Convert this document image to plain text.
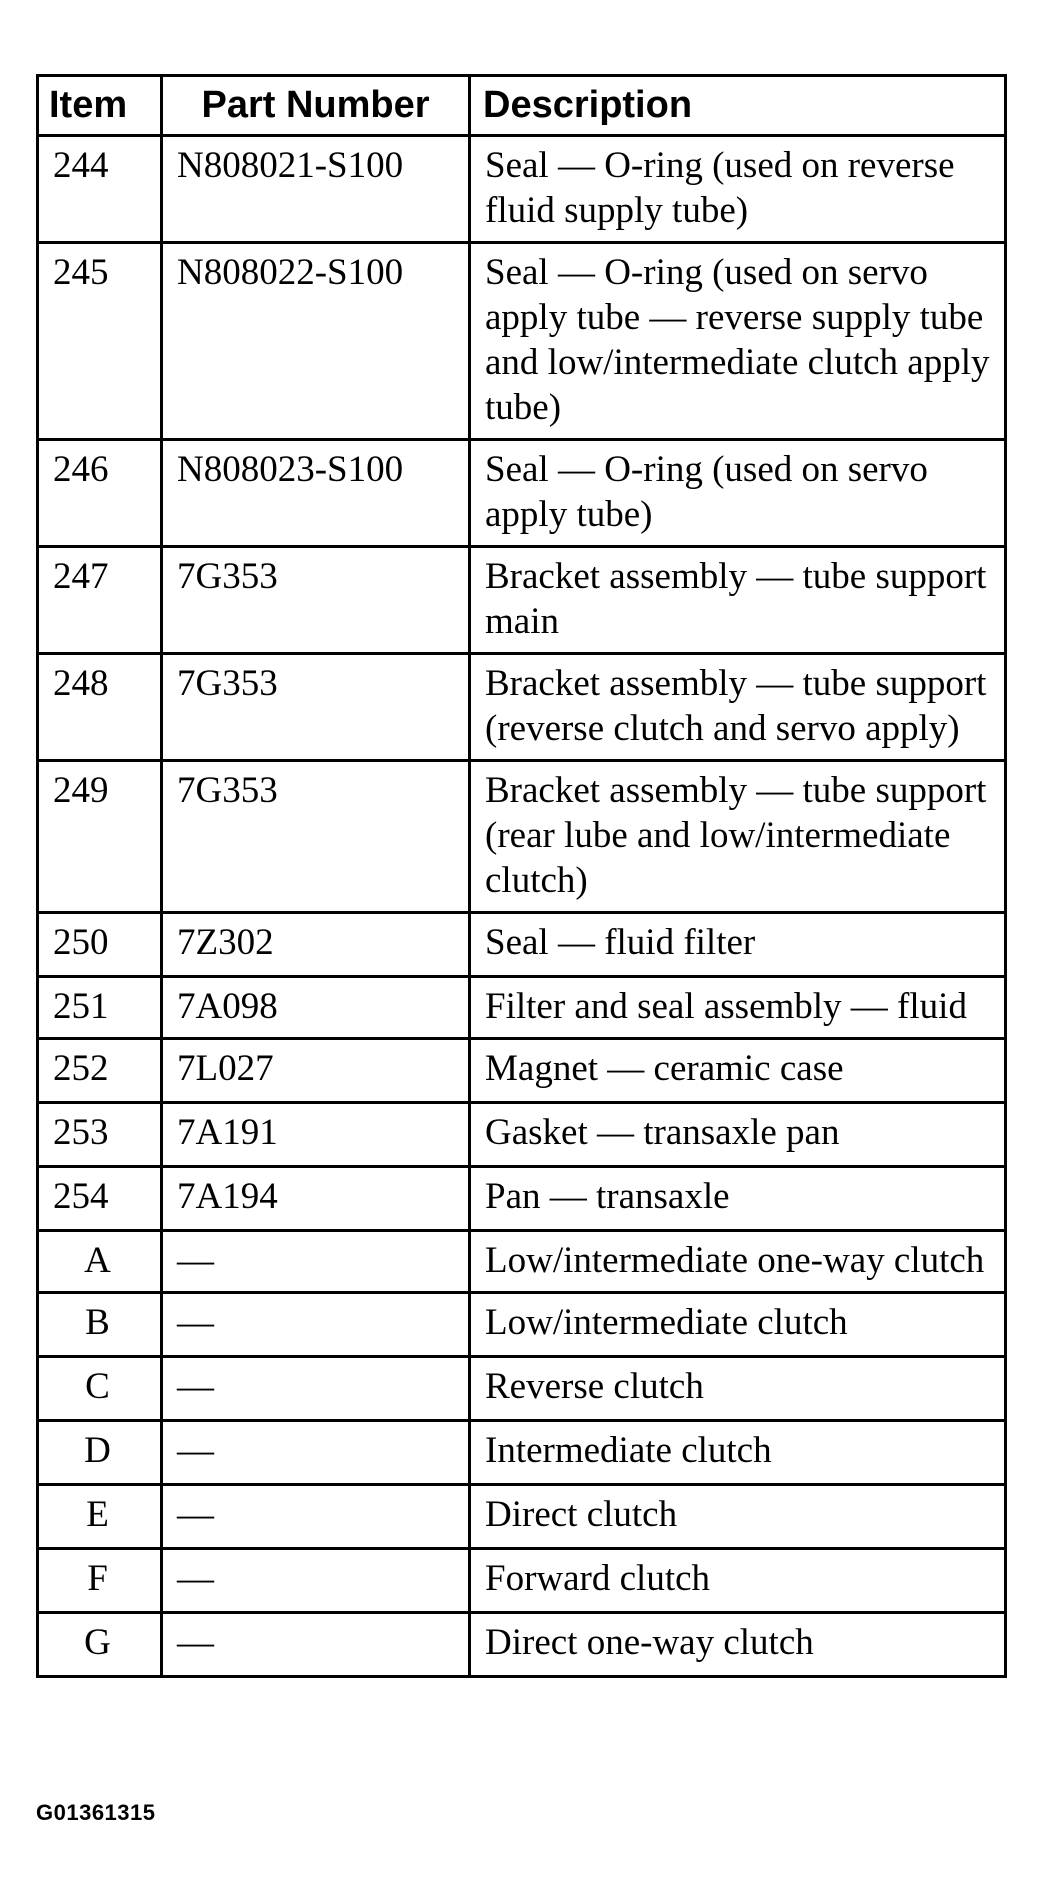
Item	Part Number	Description
244	N808021-S100	Seal — O-ring (used on reverse fluid supply tube)
245	N808022-S100	Seal — O-ring (used on servo apply tube — reverse supply tube and low/intermediate clutch apply tube)
246	N808023-S100	Seal — O-ring (used on servo apply tube)
247	7G353	Bracket assembly — tube support main
248	7G353	Bracket assembly — tube support (reverse clutch and servo apply)
249	7G353	Bracket assembly — tube support (rear lube and low/intermediate clutch)
250	7Z302	Seal — fluid filter
251	7A098	Filter and seal assembly — fluid
252	7L027	Magnet — ceramic case
253	7A191	Gasket — transaxle pan
254	7A194	Pan — transaxle
A	—	Low/intermediate one-way clutch
B	—	Low/intermediate clutch
C	—	Reverse clutch
D	—	Intermediate clutch
E	—	Direct clutch
F	—	Forward clutch
G	—	Direct one-way clutch
G01361315
